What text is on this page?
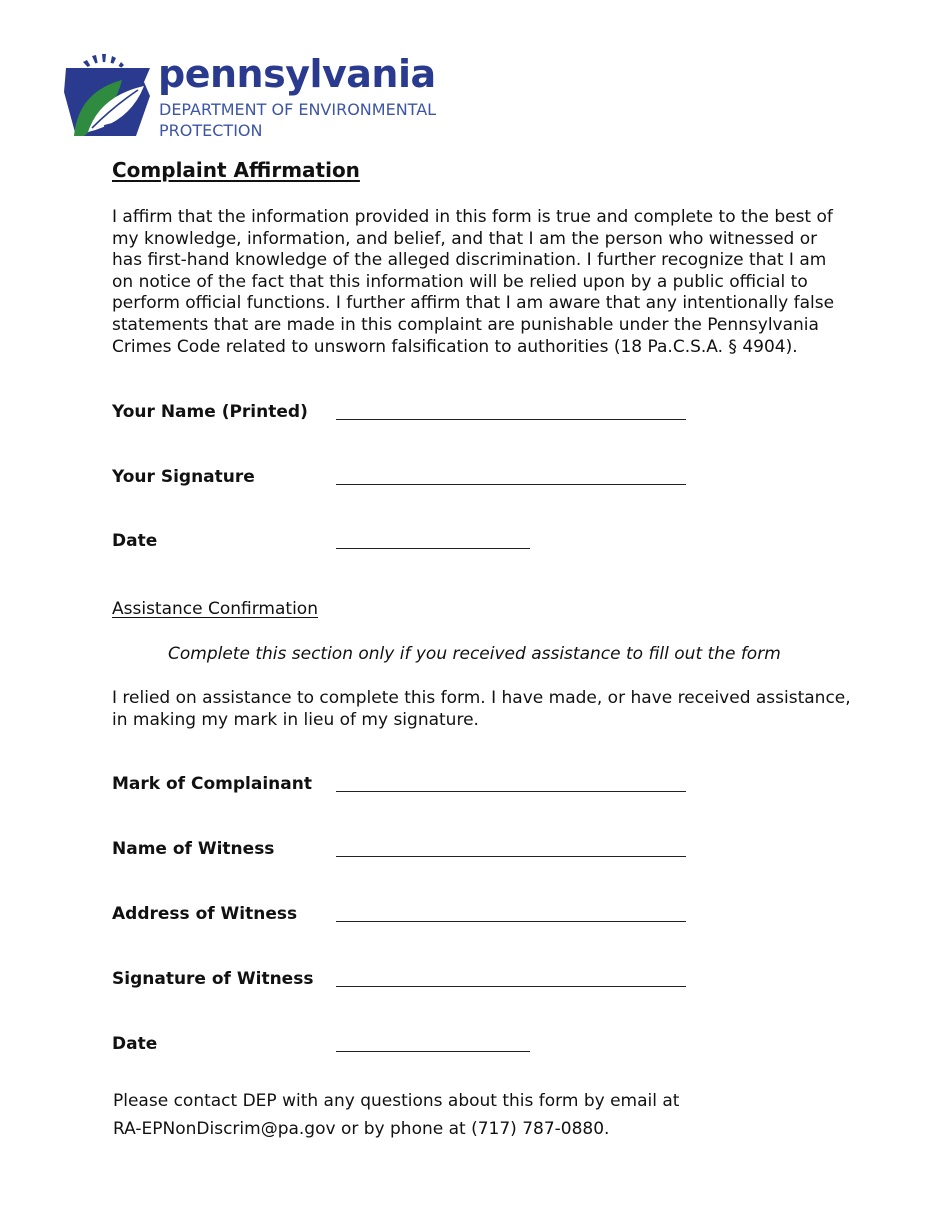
pennsylvania
DEPARTMENT OF ENVIRONMENTAL
PROTECTION
Complaint Affirmation

I affirm that the information provided in this form is true and complete to the best of my knowledge, information, and belief, and that I am the person who witnessed or has first-hand knowledge of the alleged discrimination. I further recognize that I am on notice of the fact that this information will be relied upon by a public official to perform official functions. I further affirm that I am aware that any intentionally false statements that are made in this complaint are punishable under the Pennsylvania Crimes Code related to unsworn falsification to authorities (18 Pa.C.S.A. § 4904).

Your Name (Printed)
Your Signature
Date
Assistance Confirmation
Complete this section only if you received assistance to fill out the form

I relied on assistance to complete this form. I have made, or have received assistance, in making my mark in lieu of my signature.

Mark of Complainant
Name of Witness
Address of Witness
Signature of Witness
Date
Please contact DEP with any questions about this form by email at
RA-EPNonDiscrim@pa.gov or by phone at (717) 787-0880.
